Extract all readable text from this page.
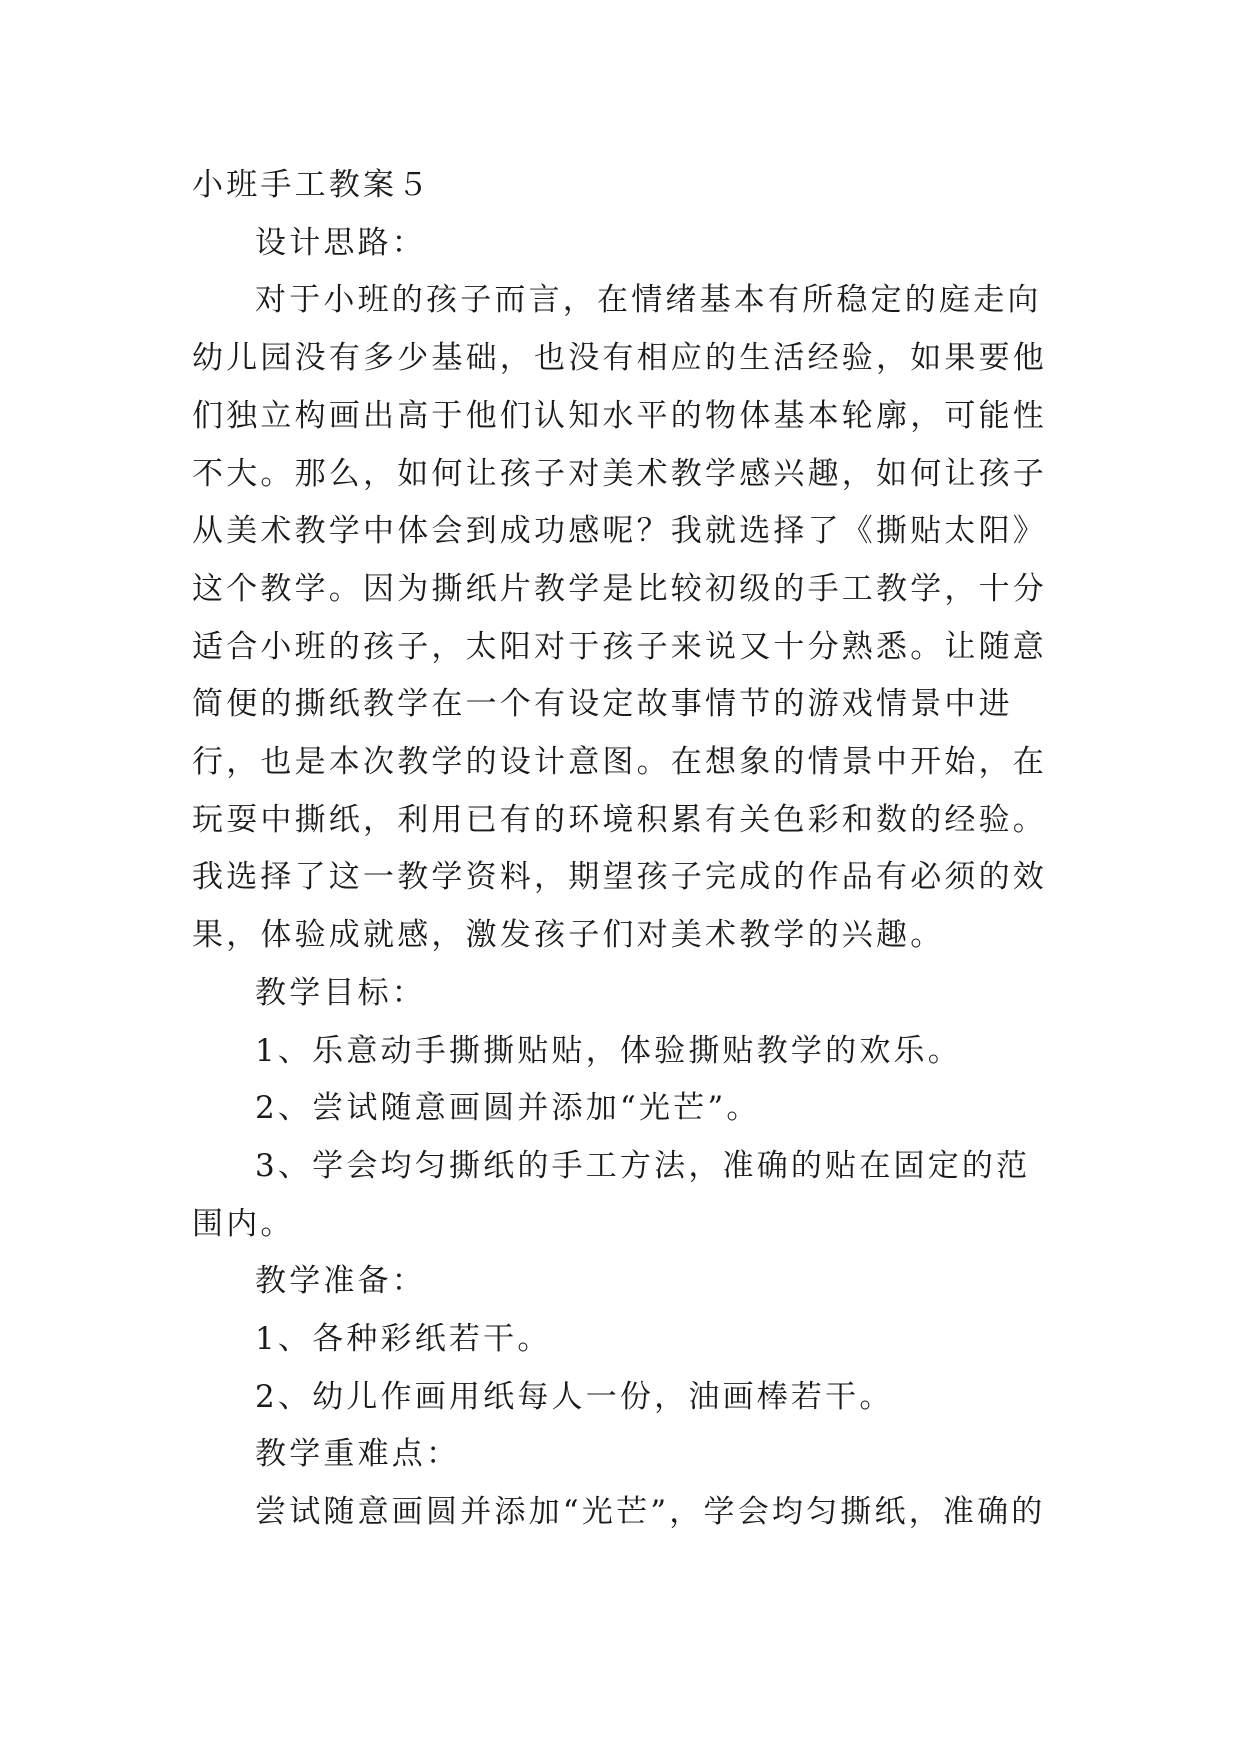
小班手工教案５

设计思路：

对于小班的孩子而言，在情绪基本有所稳定的庭走向幼儿园没有多少基础，也没有相应的生活经验，如果要他们独立构画出高于他们认知水平的物体基本轮廓，可能性不大。那么，如何让孩子对美术教学感兴趣，如何让孩子从美术教学中体会到成功感呢？我就选择了《撕贴太阳》这个教学。因为撕纸片教学是比较初级的手工教学，十分适合小班的孩子，太阳对于孩子来说又十分熟悉。让随意简便的撕纸教学在一个有设定故事情节的游戏情景中进行，也是本次教学的设计意图。在想象的情景中开始，在玩耍中撕纸，利用已有的环境积累有关色彩和数的经验。我选择了这一教学资料，期望孩子完成的作品有必须的效果，体验成就感，激发孩子们对美术教学的兴趣。

教学目标：

1、乐意动手撕撕贴贴，体验撕贴教学的欢乐。

2、尝试随意画圆并添加“光芒”。

3、学会均匀撕纸的手工方法，准确的贴在固定的范围内。

教学准备：

1、各种彩纸若干。

2、幼儿作画用纸每人一份，油画棒若干。

教学重难点：

尝试随意画圆并添加“光芒”，学会均匀撕纸，准确的
